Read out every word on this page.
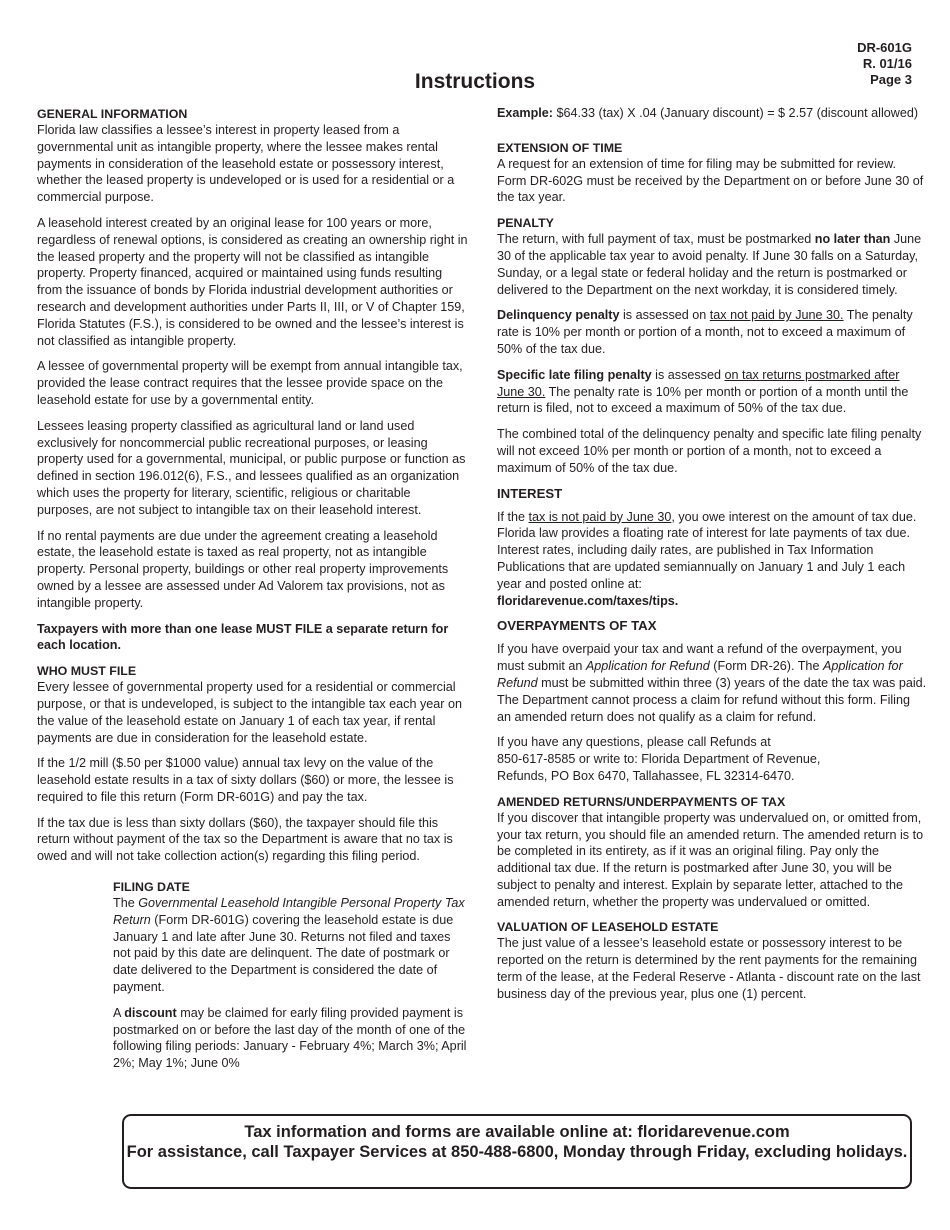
DR-601G
R. 01/16
Page 3
Instructions
GENERAL INFORMATION

Florida law classifies a lessee’s interest in property leased from a governmental unit as intangible property, where the lessee makes rental payments in consideration of the leasehold estate or possessory interest, whether the leased property is undeveloped or is used for a residential or a commercial purpose.

A leasehold interest created by an original lease for 100 years or more, regardless of renewal options, is considered as creating an ownership right in the leased property and the property will not be classified as intangible property. Property financed, acquired or maintained using funds resulting from the issuance of bonds by Florida industrial development authorities or research and development authorities under Parts II, III, or V of Chapter 159, Florida Statutes (F.S.), is considered to be owned and the lessee’s interest is not classified as intangible property.

A lessee of governmental property will be exempt from annual intangible tax, provided the lease contract requires that the lessee provide space on the leasehold estate for use by a governmental entity.

Lessees leasing property classified as agricultural land or land used exclusively for noncommercial public recreational purposes, or leasing property used for a governmental, municipal, or public purpose or function as defined in section 196.012(6), F.S., and lessees qualified as an organization which uses the property for literary, scientific, religious or charitable purposes, are not subject to intangible tax on their leasehold interest.

If no rental payments are due under the agreement creating a leasehold estate, the leasehold estate is taxed as real property, not as intangible property. Personal property, buildings or other real property improvements owned by a lessee are assessed under Ad Valorem tax provisions, not as intangible property.

Taxpayers with more than one lease MUST FILE a separate return for each location.

WHO MUST FILE

Every lessee of governmental property used for a residential or commercial purpose, or that is undeveloped, is subject to the intangible tax each year on the value of the leasehold estate on January 1 of each tax year, if rental payments are due in consideration for the leasehold estate.

If the 1/2 mill ($.50 per $1000 value) annual tax levy on the value of the leasehold estate results in a tax of sixty dollars ($60) or more, the lessee is required to file this return (Form DR-601G) and pay the tax.

If the tax due is less than sixty dollars ($60), the taxpayer should file this return without payment of the tax so the Department is aware that no tax is owed and will not take collection action(s) regarding this filing period.

FILING DATE

The Governmental Leasehold Intangible Personal Property Tax Return (Form DR-601G) covering the leasehold estate is due January 1 and late after June 30. Returns not filed and taxes not paid by this date are delinquent. The date of postmark or date delivered to the Department is considered the date of payment.

A discount may be claimed for early filing provided payment is postmarked on or before the last day of the month of one of the following filing periods: January - February 4%; March 3%; April 2%; May 1%; June 0%

Example: $64.33 (tax) X .04 (January discount) = $ 2.57 (discount allowed)

EXTENSION OF TIME

A request for an extension of time for filing may be submitted for review. Form DR-602G must be received by the Department on or before June 30 of the tax year.

PENALTY

The return, with full payment of tax, must be postmarked no later than June 30 of the applicable tax year to avoid penalty. If June 30 falls on a Saturday, Sunday, or a legal state or federal holiday and the return is postmarked or delivered to the Department on the next workday, it is considered timely.

Delinquency penalty is assessed on tax not paid by June 30. The penalty rate is 10% per month or portion of a month, not to exceed a maximum of 50% of the tax due.

Specific late filing penalty is assessed on tax returns postmarked after June 30. The penalty rate is 10% per month or portion of a month until the return is filed, not to exceed a maximum of 50% of the tax due.

The combined total of the delinquency penalty and specific late filing penalty will not exceed 10% per month or portion of a month, not to exceed a maximum of 50% of the tax due.

INTEREST

If the tax is not paid by June 30, you owe interest on the amount of tax due. Florida law provides a floating rate of interest for late payments of tax due. Interest rates, including daily rates, are published in Tax Information Publications that are updated semiannually on January 1 and July 1 each year and posted online at:
floridarevenue.com/taxes/tips.

OVERPAYMENTS OF TAX

If you have overpaid your tax and want a refund of the overpayment, you must submit an Application for Refund (Form DR-26). The Application for Refund must be submitted within three (3) years of the date the tax was paid. The Department cannot process a claim for refund without this form. Filing an amended return does not qualify as a claim for refund.

If you have any questions, please call Refunds at
850-617-8585 or write to: Florida Department of Revenue,
Refunds, PO Box 6470, Tallahassee, FL 32314-6470.

AMENDED RETURNS/UNDERPAYMENTS OF TAX

If you discover that intangible property was undervalued on, or omitted from, your tax return, you should file an amended return. The amended return is to be completed in its entirety, as if it was an original filing. Pay only the additional tax due. If the return is postmarked after June 30, you will be subject to penalty and interest. Explain by separate letter, attached to the amended return, whether the property was undervalued or omitted.

VALUATION OF LEASEHOLD ESTATE

The just value of a lessee’s leasehold estate or possessory interest to be reported on the return is determined by the rent payments for the remaining term of the lease, at the Federal Reserve - Atlanta - discount rate on the last business day of the previous year, plus one (1) percent.

Tax information and forms are available online at: floridarevenue.com
For assistance, call Taxpayer Services at 850-488-6800, Monday through Friday, excluding holidays.
